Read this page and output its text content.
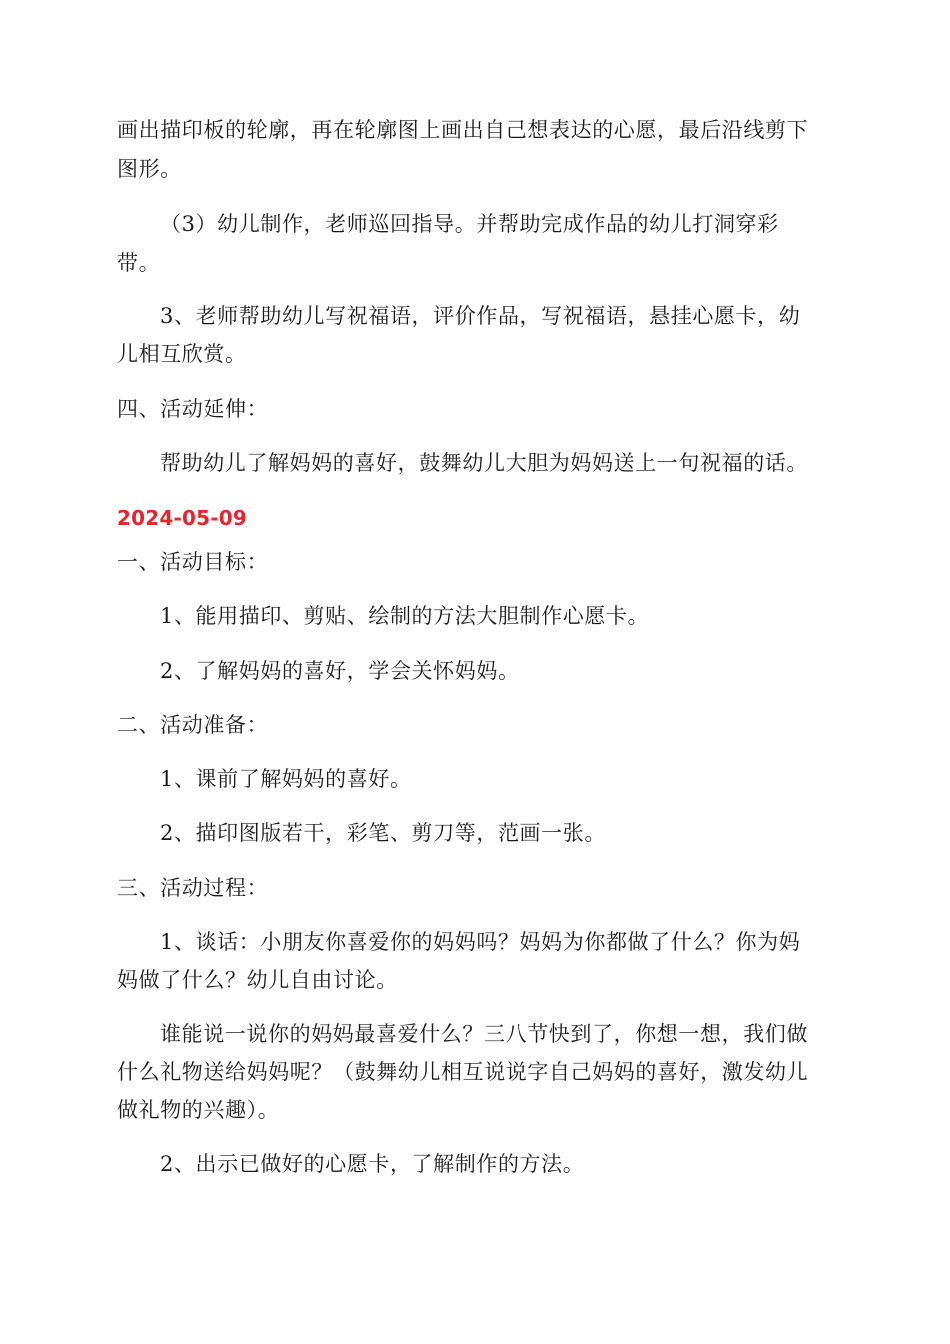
画出描印板的轮廓，再在轮廓图上画出自己想表达的心愿，最后沿线剪下
图形。
（3）幼儿制作，老师巡回指导。并帮助完成作品的幼儿打洞穿彩
带。
3、老师帮助幼儿写祝福语，评价作品，写祝福语，悬挂心愿卡，幼
儿相互欣赏。
四、活动延伸：
帮助幼儿了解妈妈的喜好，鼓舞幼儿大胆为妈妈送上一句祝福的话。
2024-05-09
一、活动目标：
1、能用描印、剪贴、绘制的方法大胆制作心愿卡。
2、了解妈妈的喜好，学会关怀妈妈。
二、活动准备：
1、课前了解妈妈的喜好。
2、描印图版若干，彩笔、剪刀等，范画一张。
三、活动过程：
1、谈话：小朋友你喜爱你的妈妈吗？妈妈为你都做了什么？你为妈
妈做了什么？幼儿自由讨论。
谁能说一说你的妈妈最喜爱什么？三八节快到了，你想一想，我们做
什么礼物送给妈妈呢？（鼓舞幼儿相互说说字自己妈妈的喜好，激发幼儿
做礼物的兴趣）。
2、出示已做好的心愿卡，了解制作的方法。
